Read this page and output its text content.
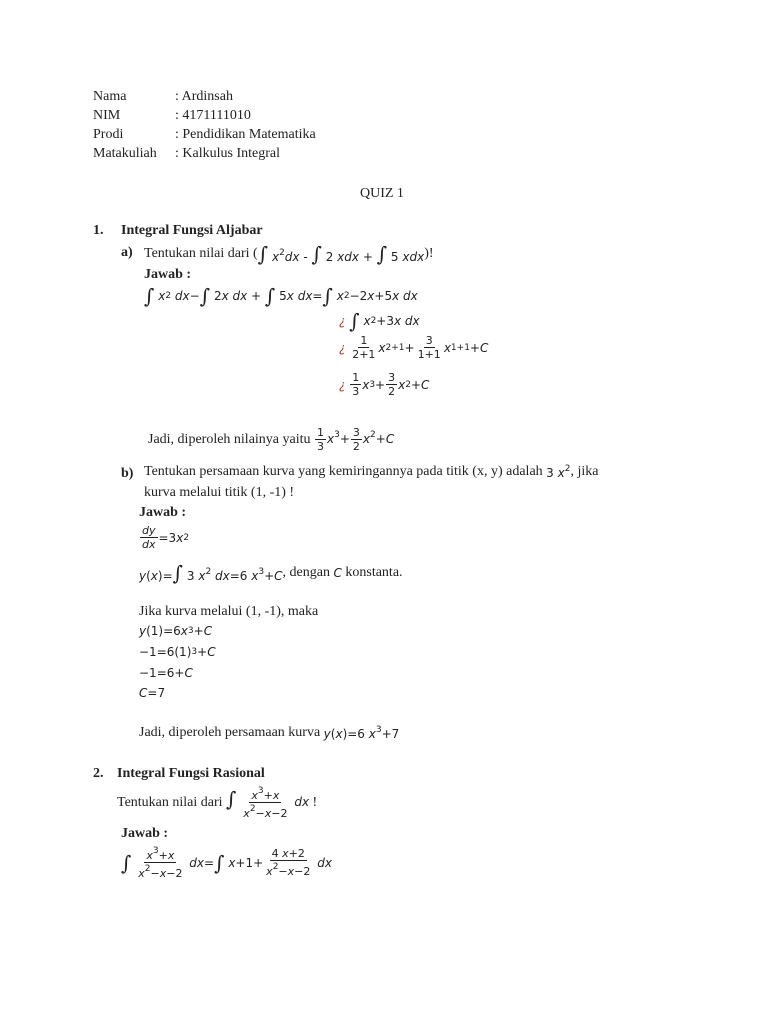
Nama
NIM
Prodi
Matakuliah
: Ardinsah
: 4171111010
: Pendidikan Matematika
: Kalkulus Integral
QUIZ 1
1. Integral Fungsi Aljabar
a) Tentukan nilai dari ( ∫ $x^2dx$ - ∫ 2 xdx + ∫ 5 xdx )!
Jawab :
∫
x 2
dx − ∫ 2 x dx + ∫ 5 x dx = ∫
x 2 −2 x +5 x dx
¿
∫
x 2 +3 x dx
¿
$\frac{1}{2+1}$ x $2+1 + \frac{3}{1+1}$ x 1+1 + C
¿
$\frac{1}{3}$ x $3 + \frac{3}{2}$ x 2 + C
Jadi, diperoleh nilainya yaitu
$\frac{1}{3} x^3+ \frac{3}{2} x^2+C$
b) Tentukan persamaan kurva yang kemiringannya pada titik (x, y) adalah
3 $x^2$ , jika
kurva melalui titik (1, -1) !
Jawab :
$\frac{dy}{dx} =3$ x 2
y(x)=∫ 3 $x^2$ dx=6 $x^3+C$ , dengan
C
konstanta.
Jika kurva melalui (1, -1), maka
y (1)=6 x 3 + C
−1=6(1) 3 + C
−1=6+ C
C =7
Jadi, diperoleh persamaan kurva
y(x)=6 $x^3+7$
2. Integral Fungsi Rasional
Tentukan nilai dari
∫ $\frac{x^3+x}{x^2-x-2}$ dx
!
Jawab :
∫
$\frac{x^3+x}{x^2-x-2}$
dx = ∫
$x +1+ \frac{4 x+2}{x^2-x-2}$
dx
